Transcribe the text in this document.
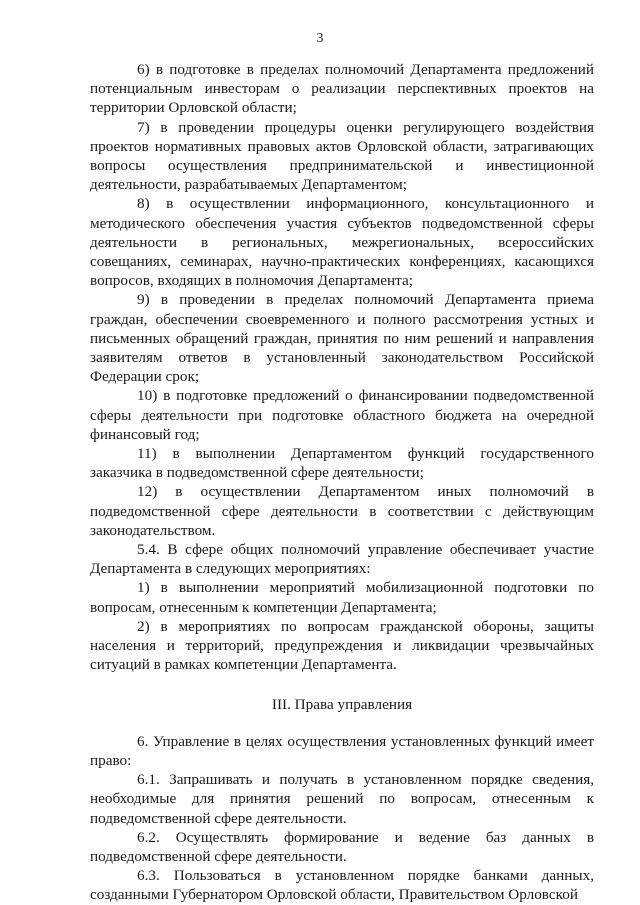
3

6) в подготовке в пределах полномочий Департамента предложений потенциальным инвесторам о реализации перспективных проектов на территории Орловской области;

7) в проведении процедуры оценки регулирующего воздействия проектов нормативных правовых актов Орловской области, затрагивающих вопросы осуществления предпринимательской и инвестиционной деятельности, разрабатываемых Департаментом;

8) в осуществлении информационного, консультационного и методического обеспечения участия субъектов подведомственной сферы деятельности в региональных, межрегиональных, всероссийских совещаниях, семинарах, научно-практических конференциях, касающихся вопросов, входящих в полномочия Департамента;

9) в проведении в пределах полномочий Департамента приема граждан, обеспечении своевременного и полного рассмотрения устных и письменных обращений граждан, принятия по ним решений и направления заявителям ответов в установленный законодательством Российской Федерации срок;

10) в подготовке предложений о финансировании подведомственной сферы деятельности при подготовке областного бюджета на очередной финансовый год;

11) в выполнении Департаментом функций государственного заказчика в подведомственной сфере деятельности;

12) в осуществлении Департаментом иных полномочий в подведомственной сфере деятельности в соответствии с действующим законодательством.

5.4. В сфере общих полномочий управление обеспечивает участие Департамента в следующих мероприятиях:

1) в выполнении мероприятий мобилизационной подготовки по вопросам, отнесенным к компетенции Департамента;

2) в мероприятиях по вопросам гражданской обороны, защиты населения и территорий, предупреждения и ликвидации чрезвычайных ситуаций в рамках компетенции Департамента.

III. Права управления

6. Управление в целях осуществления установленных функций имеет право:

6.1. Запрашивать и получать в установленном порядке сведения, необходимые для принятия решений по вопросам, отнесенным к подведомственной сфере деятельности.

6.2. Осуществлять формирование и ведение баз данных в подведомственной сфере деятельности.

6.3. Пользоваться в установленном порядке банками данных, созданными Губернатором Орловской области, Правительством Орловской
